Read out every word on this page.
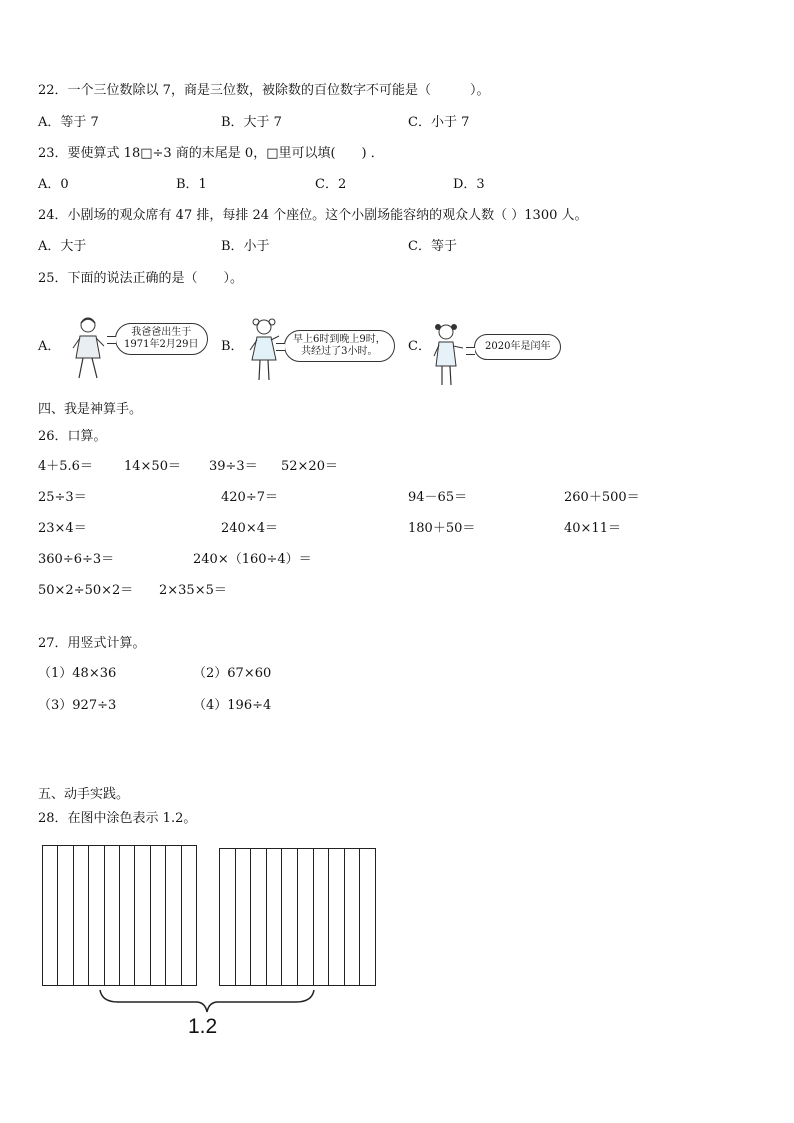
22．一个三位数除以 7，商是三位数，被除数的百位数字不可能是（　　　）。
A．等于 7	B．大于 7	C．小于 7
23．要使算式 18□÷3 商的末尾是 0，□里可以填(　　) ．
A．0	B．1	C．2	D．3
24．小剧场的观众席有 47 排，每排 24 个座位。这个小剧场能容纳的观众人数（ ）1300 人。
A．大于	B．小于	C．等于
25．下面的说法正确的是（　　）。
A．
我爸爸出生于
1971年2月29日 B．	早上6时到晚上9时，
共经过了3小时。	C．	2020年是闰年
四、我是神算手。
26．口算。
4＋5.6＝ 14×50＝ 39÷3＝ 52×20＝
25÷3＝	420÷7＝	94－65＝	260＋500＝
23×4＝	240×4＝	180＋50＝	40×11＝
360÷6÷3＝	240×（160÷4）＝
50×2÷50×2＝ 2×35×5＝
27．用竖式计算。
（1）48×36	（2）67×60
（3）927÷3	（4）196÷4
五、动手实践。
28．在图中涂色表示 1.2。
1.2
